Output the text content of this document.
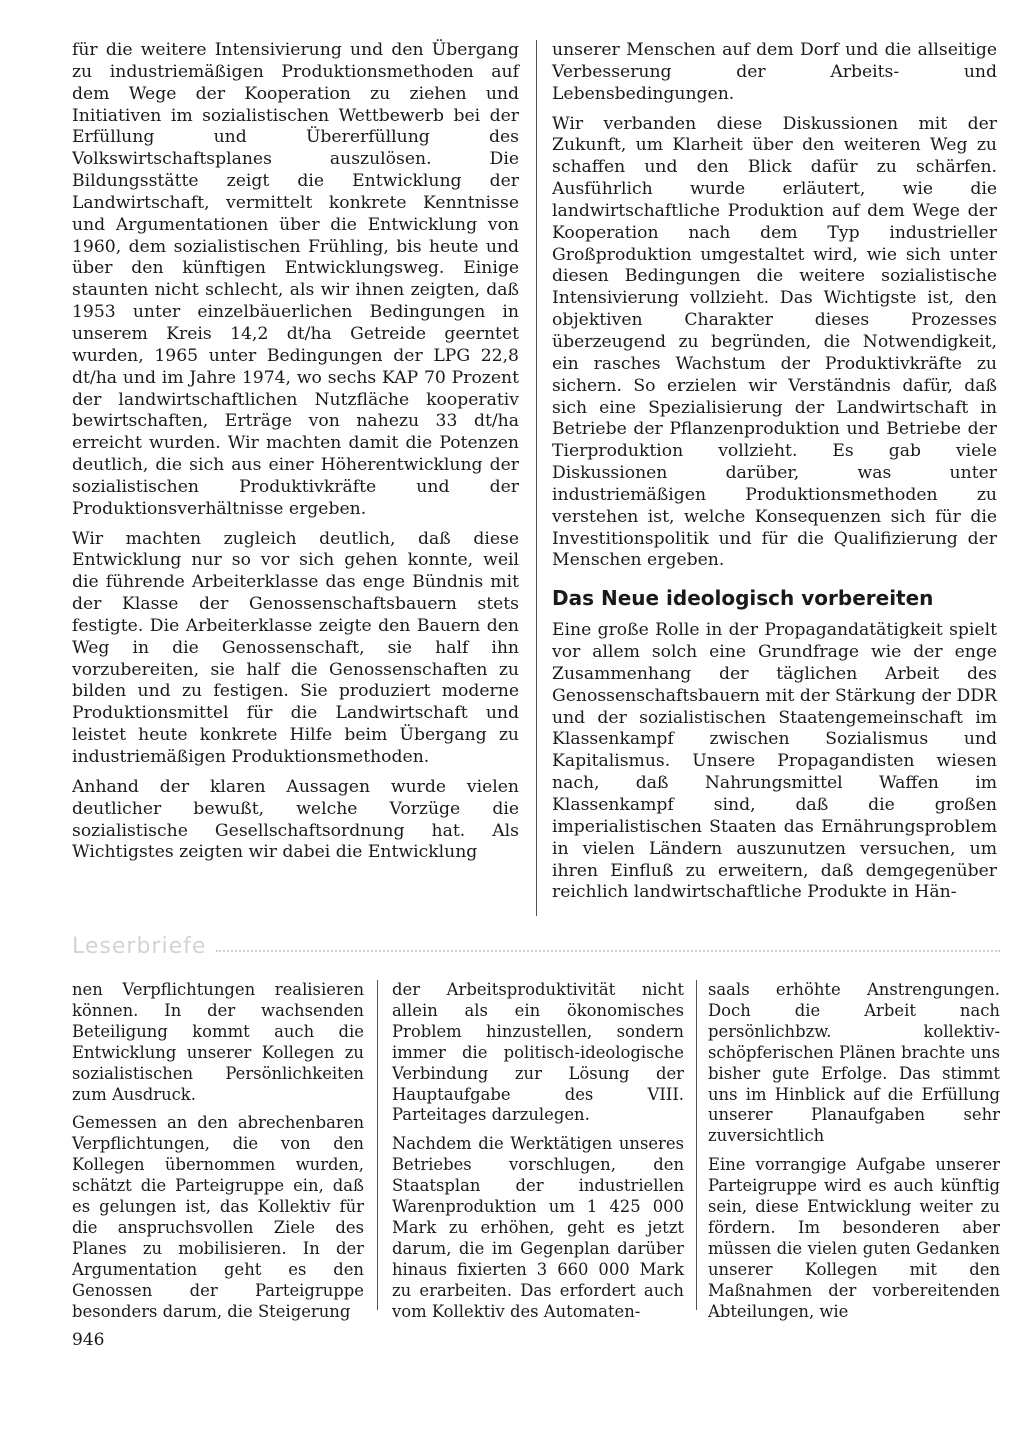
für die weitere Intensivierung und den Übergang zu industriemäßigen Produktionsmethoden auf dem Wege der Kooperation zu ziehen und Initiativen im sozialistischen Wettbewerb bei der Erfüllung und Übererfüllung des Volkswirtschaftsplanes auszulösen. Die Bildungsstätte zeigt die Entwicklung der Landwirtschaft, vermittelt konkrete Kenntnisse und Argumentationen über die Entwicklung von 1960, dem sozialistischen Frühling, bis heute und über den künftigen Entwicklungsweg. Einige staunten nicht schlecht, als wir ihnen zeigten, daß 1953 unter einzelbäuerlichen Bedingungen in unserem Kreis 14,2 dt/ha Getreide geerntet wurden, 1965 unter Bedingungen der LPG 22,8 dt/ha und im Jahre 1974, wo sechs KAP 70 Prozent der landwirtschaftlichen Nutzfläche kooperativ bewirtschaften, Erträge von nahezu 33 dt/ha erreicht wurden. Wir machten damit die Potenzen deutlich, die sich aus einer Höherentwicklung der sozialistischen Produktivkräfte und der Produktionsverhältnisse ergeben.

Wir machten zugleich deutlich, daß diese Entwicklung nur so vor sich gehen konnte, weil die führende Arbeiterklasse das enge Bündnis mit der Klasse der Genossenschaftsbauern stets festigte. Die Arbeiterklasse zeigte den Bauern den Weg in die Genossenschaft, sie half ihn vorzubereiten, sie half die Genossenschaften zu bilden und zu festigen. Sie produziert moderne Produktionsmittel für die Landwirtschaft und leistet heute konkrete Hilfe beim Übergang zu industriemäßigen Produktionsmethoden.

Anhand der klaren Aussagen wurde vielen deutlicher bewußt, welche Vorzüge die sozialistische Gesellschaftsordnung hat. Als Wichtigstes zeigten wir dabei die Entwicklung

unserer Menschen auf dem Dorf und die allseitige Verbesserung der Arbeits- und Lebensbedingungen.

Wir verbanden diese Diskussionen mit der Zukunft, um Klarheit über den weiteren Weg zu schaffen und den Blick dafür zu schärfen. Ausführlich wurde erläutert, wie die landwirtschaftliche Produktion auf dem Wege der Kooperation nach dem Typ industrieller Großproduktion umgestaltet wird, wie sich unter diesen Bedingungen die weitere sozialistische Intensivierung vollzieht. Das Wichtigste ist, den objektiven Charakter dieses Prozesses überzeugend zu begründen, die Notwendigkeit, ein rasches Wachstum der Produktivkräfte zu sichern. So erzielen wir Verständnis dafür, daß sich eine Spezialisierung der Landwirtschaft in Betriebe der Pflanzenproduktion und Betriebe der Tierproduktion vollzieht. Es gab viele Diskussionen darüber, was unter industriemäßigen Produktionsmethoden zu verstehen ist, welche Konsequenzen sich für die Investitionspolitik und für die Qualifizierung der Menschen ergeben.

Das Neue ideologisch vorbereiten

Eine große Rolle in der Propagandatätigkeit spielt vor allem solch eine Grundfrage wie der enge Zusammenhang der täglichen Arbeit des Genossenschaftsbauern mit der Stärkung der DDR und der sozialistischen Staatengemeinschaft im Klassenkampf zwischen Sozialismus und Kapitalismus. Unsere Propagandisten wiesen nach, daß Nahrungsmittel Waffen im Klassenkampf sind, daß die großen imperialistischen Staaten das Ernährungsproblem in vielen Ländern auszunutzen versuchen, um ihren Einfluß zu erweitern, daß demgegenüber reichlich landwirtschaftliche Produkte in Hän-

Leserbriefe

nen Verpflichtungen realisieren können. In der wachsenden Beteiligung kommt auch die Entwicklung unserer Kollegen zu sozialistischen Persönlichkeiten zum Ausdruck.

Gemessen an den abrechenbaren Verpflichtungen, die von den Kollegen übernommen wurden, schätzt die Parteigruppe ein, daß es gelungen ist, das Kollektiv für die anspruchsvollen Ziele des Planes zu mobilisieren. In der Argumentation geht es den Genossen der Parteigruppe besonders darum, die Steigerung

der Arbeitsproduktivität nicht allein als ein ökonomisches Problem hinzustellen, sondern immer die politisch-ideologische Verbindung zur Lösung der Hauptaufgabe des VIII. Parteitages darzulegen.

Nachdem die Werktätigen unseres Betriebes vorschlugen, den Staatsplan der industriellen Warenproduktion um 1 425 000 Mark zu erhöhen, geht es jetzt darum, die im Gegenplan darüber hinaus fixierten 3 660 000 Mark zu erarbeiten. Das erfordert auch vom Kollektiv des Automaten-

saals erhöhte Anstrengungen. Doch die Arbeit nach persönlichbzw. kollektiv-schöpferischen Plänen brachte uns bisher gute Erfolge. Das stimmt uns im Hinblick auf die Erfüllung unserer Planaufgaben sehr zuversichtlich

Eine vorrangige Aufgabe unserer Parteigruppe wird es auch künftig sein, diese Entwicklung weiter zu fördern. Im besonderen aber müssen die vielen guten Gedanken unserer Kollegen mit den Maßnahmen der vorbereitenden Abteilungen, wie

946
